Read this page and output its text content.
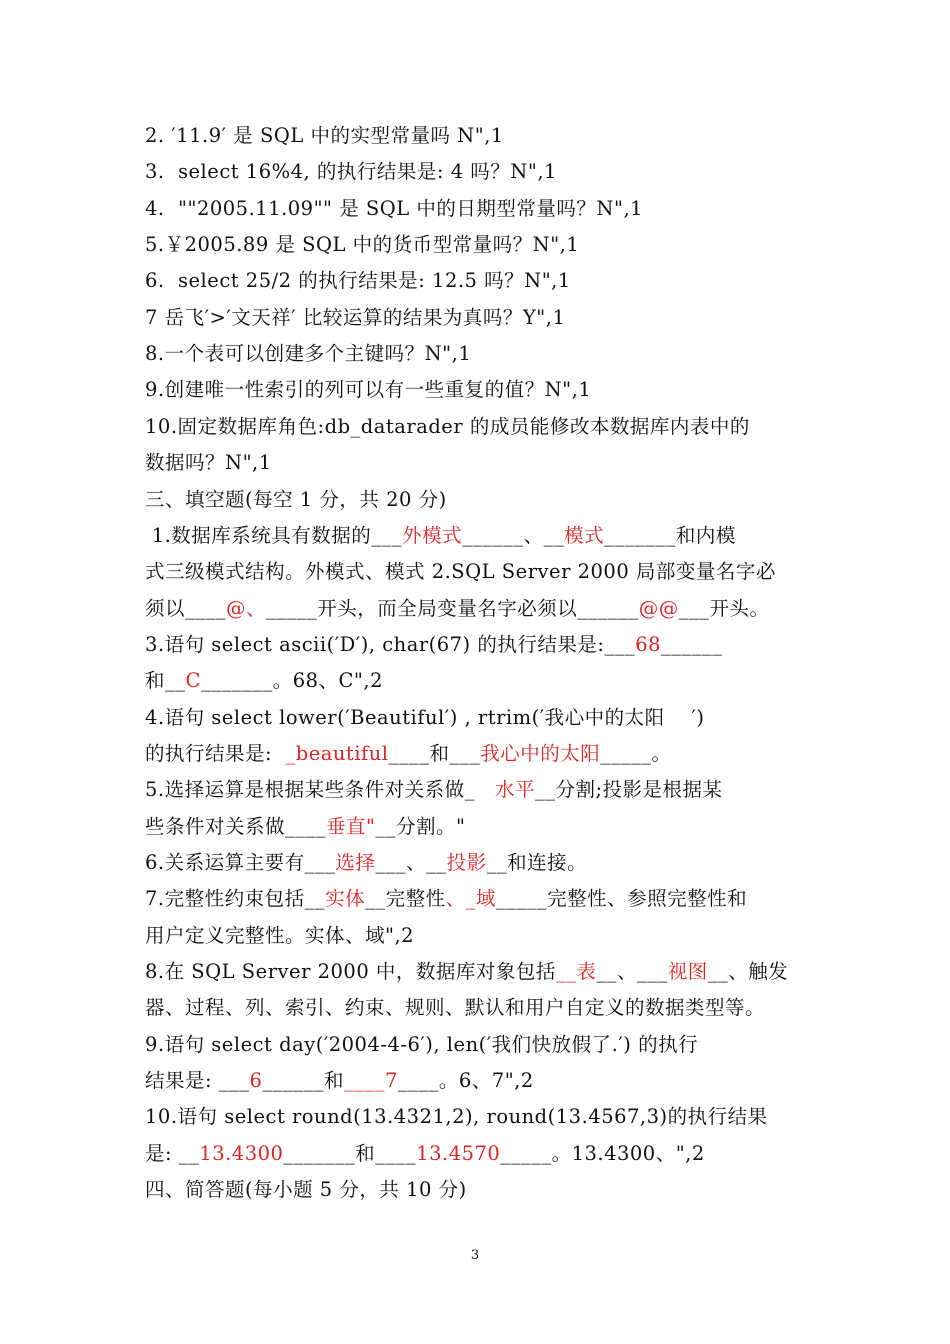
2. ′11.9′ 是 SQL 中的实型常量吗 N",1
3.  select 16%4, 的执行结果是: 4 吗？N",1
4.  ""2005.11.09"" 是 SQL 中的日期型常量吗？N",1
5.￥2005.89 是 SQL 中的货币型常量吗？N",1
6.  select 25/2 的执行结果是: 12.5 吗？N",1
7 岳飞′>′文天祥′ 比较运算的结果为真吗？Y",1
8.一个表可以创建多个主键吗？N",1
9.创建唯一性索引的列可以有一些重复的值？N",1
10.固定数据库角色:db_datarader 的成员能修改本数据库内表中的
数据吗？N",1
三、填空题(每空 1 分，共 20 分)
1.数据库系统具有数据的___外模式______、__模式_______和内模
式三级模式结构。外模式、模式 2.SQL Server 2000 局部变量名字必
须以____@、_____开头，而全局变量名字必须以______@@___开头。
3.语句 select ascii(′D′), char(67) 的执行结果是:___68______
和__C_______。68、C",2
4.语句 select lower(′Beautiful′) , rtrim(′我心中的太阳    ′)
的执行结果是:  _beautiful____和___我心中的太阳_____。
5.选择运算是根据某些条件对关系做_   水平__分割;投影是根据某
些条件对关系做____垂直"__分割。"
6.关系运算主要有___选择___、__投影__和连接。
7.完整性约束包括__实体__完整性、_域_____完整性、参照完整性和
用户定义完整性。实体、域",2
8.在 SQL Server 2000 中，数据库对象包括__表__、___视图__、触发
器、过程、列、索引、约束、规则、默认和用户自定义的数据类型等。
9.语句 select day(′2004-4-6′), len(′我们快放假了.′) 的执行
结果是: ___6______和____7____。6、7",2
10.语句 select round(13.4321,2), round(13.4567,3)的执行结果
是: __13.4300_______和____13.4570_____。13.4300、",2
四、简答题(每小题 5 分，共 10 分)
3
